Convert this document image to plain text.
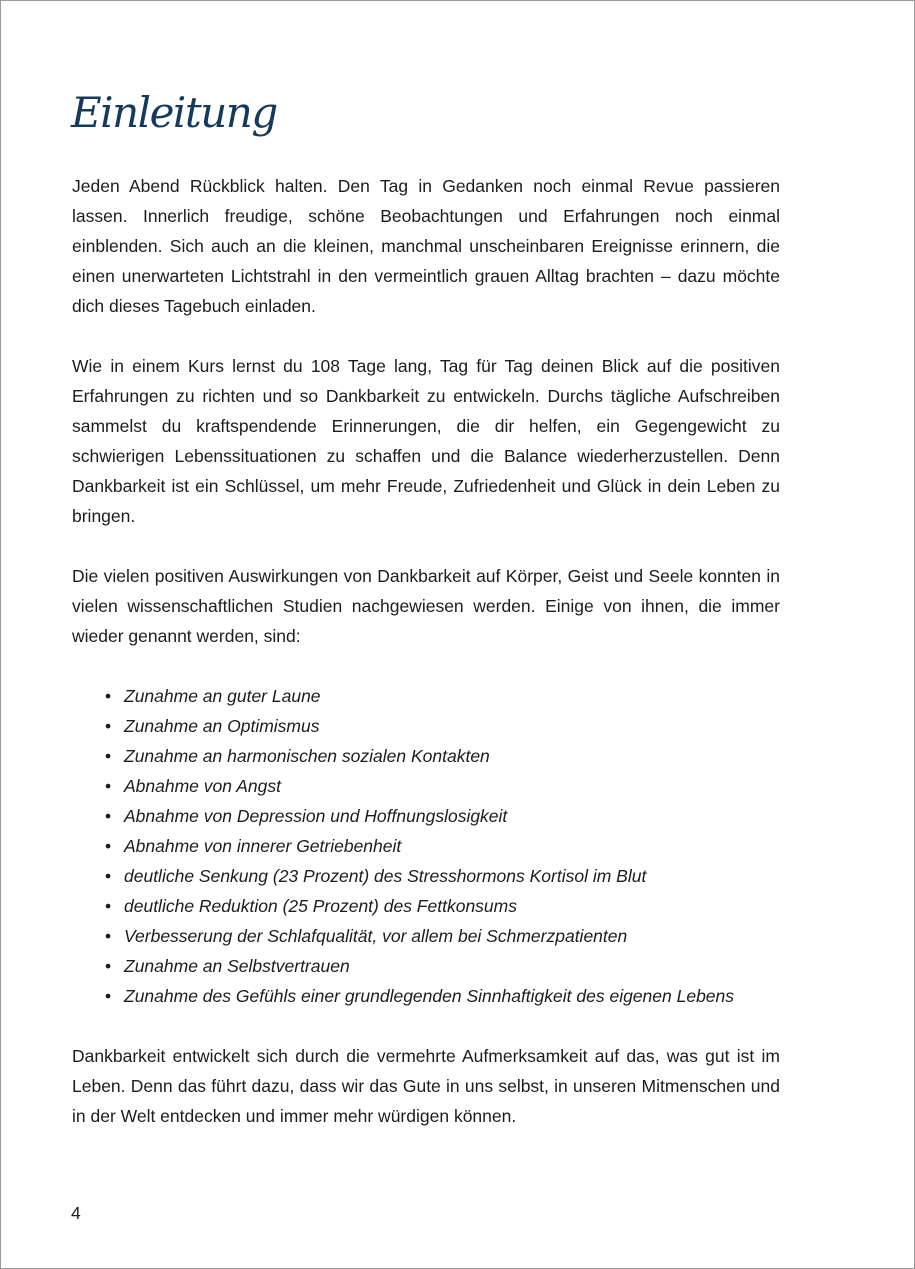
Einleitung

Jeden Abend Rückblick halten. Den Tag in Gedanken noch einmal Revue passieren lassen. Innerlich freudige, schöne Beobachtungen und Erfahrungen noch einmal einblenden. Sich auch an die kleinen, manchmal unscheinbaren Ereignisse erinnern, die einen unerwarteten Lichtstrahl in den vermeintlich grauen Alltag brachten – dazu möchte dich dieses Tagebuch einladen.

Wie in einem Kurs lernst du 108 Tage lang, Tag für Tag deinen Blick auf die positiven Erfahrungen zu richten und so Dankbarkeit zu entwickeln. Durchs tägliche Aufschreiben sammelst du kraftspendende Erinnerungen, die dir helfen, ein Gegengewicht zu schwierigen Lebenssituationen zu schaffen und die Balance wiederherzustellen. Denn Dankbarkeit ist ein Schlüssel, um mehr Freude, Zufriedenheit und Glück in dein Leben zu bringen.

Die vielen positiven Auswirkungen von Dankbarkeit auf Körper, Geist und Seele konnten in vielen wissenschaftlichen Studien nachgewiesen werden. Einige von ihnen, die immer wieder genannt werden, sind:

• Zunahme an guter Laune
• Zunahme an Optimismus
• Zunahme an harmonischen sozialen Kontakten
• Abnahme von Angst
• Abnahme von Depression und Hoffnungslosigkeit
• Abnahme von innerer Getriebenheit
• deutliche Senkung (23 Prozent) des Stresshormons Kortisol im Blut
• deutliche Reduktion (25 Prozent) des Fettkonsums
• Verbesserung der Schlafqualität, vor allem bei Schmerzpatienten
• Zunahme an Selbstvertrauen
• Zunahme des Gefühls einer grundlegenden Sinnhaftigkeit des eigenen Lebens

Dankbarkeit entwickelt sich durch die vermehrte Aufmerksamkeit auf das, was gut ist im Leben. Denn das führt dazu, dass wir das Gute in uns selbst, in unseren Mitmenschen und in der Welt entdecken und immer mehr würdigen können.

4
